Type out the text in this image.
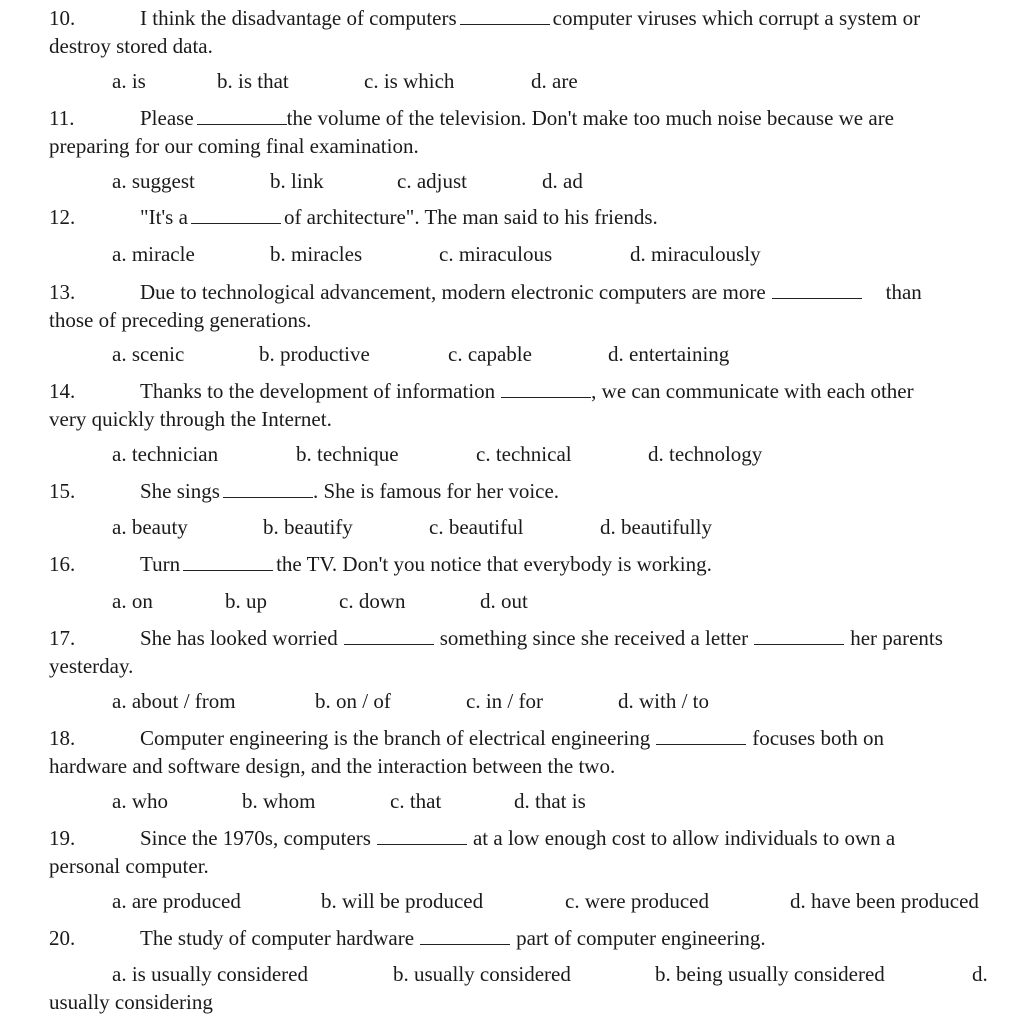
10.	I think the disadvantage of computers	computer viruses which corrupt a system or
destroy stored data.
a. is	b. is that	c. is which	d. are
11.	Please	the volume of the television. Don't make too much noise because we are
preparing for our coming final examination.
a. suggest	b. link	c. adjust	d. ad
12.	"It's a	of architecture". The man said to his friends.
a. miracle	b. miracles	c. miraculous	d. miraculously
13.	Due to technological advancement, modern electronic computers are more	than
those of preceding generations.
a. scenic	b. productive	c. capable	d. entertaining
14.	Thanks to the development of information	, we can communicate with each other
very quickly through the Internet.
a. technician	b. technique	c. technical	d. technology
15.	She sings	. She is famous for her voice.
a. beauty	b. beautify	c. beautiful	d. beautifully
16.	Turn	the TV. Don't you notice that everybody is working.
a. on	b. up	c. down	d. out
17.	She has looked worried	something since she received a letter	her parents
yesterday.
a. about / from	b. on / of	c. in / for	d. with / to
18.	Computer engineering is the branch of electrical engineering	focuses both on
hardware and software design, and the interaction between the two.
a. who	b. whom	c. that	d. that is
19.	Since the 1970s, computers	at a low enough cost to allow individuals to own a
personal computer.
a. are produced	b. will be produced	c. were produced	d. have been produced
20.	The study of computer hardware	part of computer engineering.
a. is usually considered	b. usually considered	b. being usually considered	d.
usually considering
